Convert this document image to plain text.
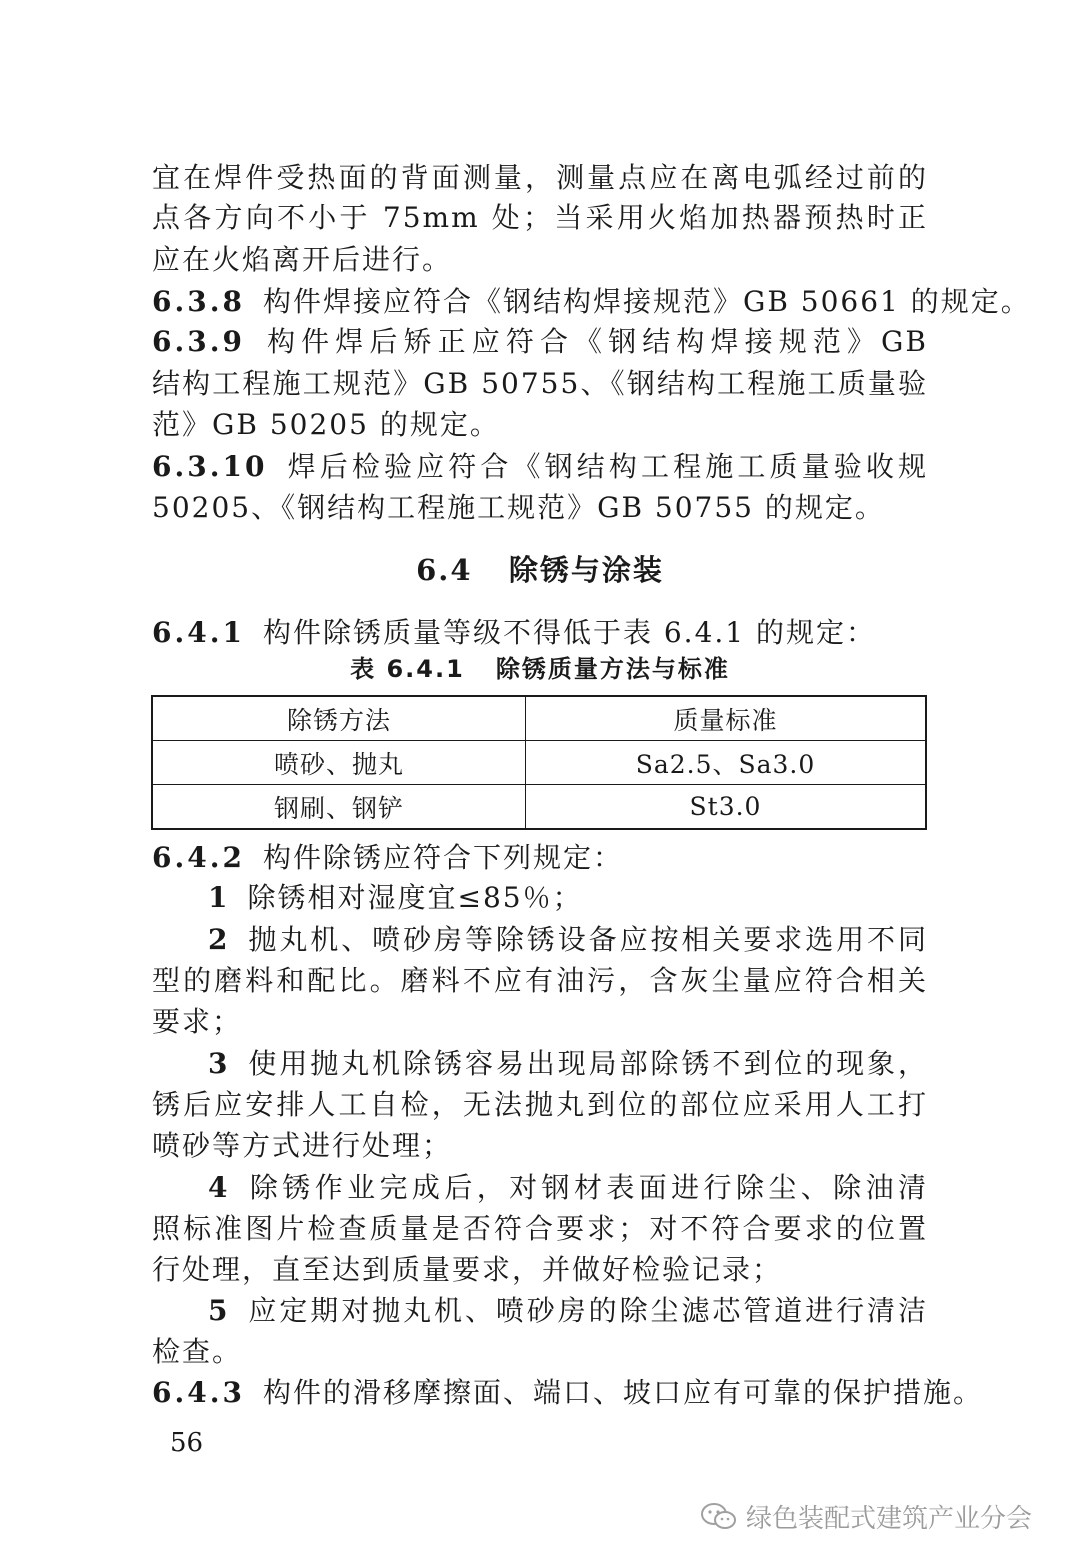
宜在焊件受热面的背面测量，测量点应在离电弧经过前的
点各方向不小于 75mm 处；当采用火焰加热器预热时正
应在火焰离开后进行。
6.3.8 构件焊接应符合《钢结构焊接规范》GB 50661 的规定。
6.3.9 构件焊后矫正应符合《钢结构焊接规范》GB
结构工程施工规范》GB 50755、《钢结构工程施工质量验
范》GB 50205 的规定。
6.3.10 焊后检验应符合《钢结构工程施工质量验收规
50205、《钢结构工程施工规范》GB 50755 的规定。
6.4 除锈与涂装
6.4.1 构件除锈质量等级不得低于表 6.4.1 的规定：
表 6.4.1 除锈质量方法与标准
除锈方法	质量标准
喷砂、抛丸	Sa2.5、Sa3.0
钢刷、钢铲	St3.0
6.4.2 构件除锈应符合下列规定：
1 除锈相对湿度宜≤85％；
2 抛丸机、喷砂房等除锈设备应按相关要求选用不同
型的磨料和配比。磨料不应有油污，含灰尘量应符合相关
要求；
3 使用抛丸机除锈容易出现局部除锈不到位的现象，
锈后应安排人工自检，无法抛丸到位的部位应采用人工打
喷砂等方式进行处理；
4 除锈作业完成后，对钢材表面进行除尘、除油清
照标准图片检查质量是否符合要求；对不符合要求的位置
行处理，直至达到质量要求，并做好检验记录；
5 应定期对抛丸机、喷砂房的除尘滤芯管道进行清洁
检查。
6.4.3 构件的滑移摩擦面、端口、坡口应有可靠的保护措施。
56
绿色装配式建筑产业分会
